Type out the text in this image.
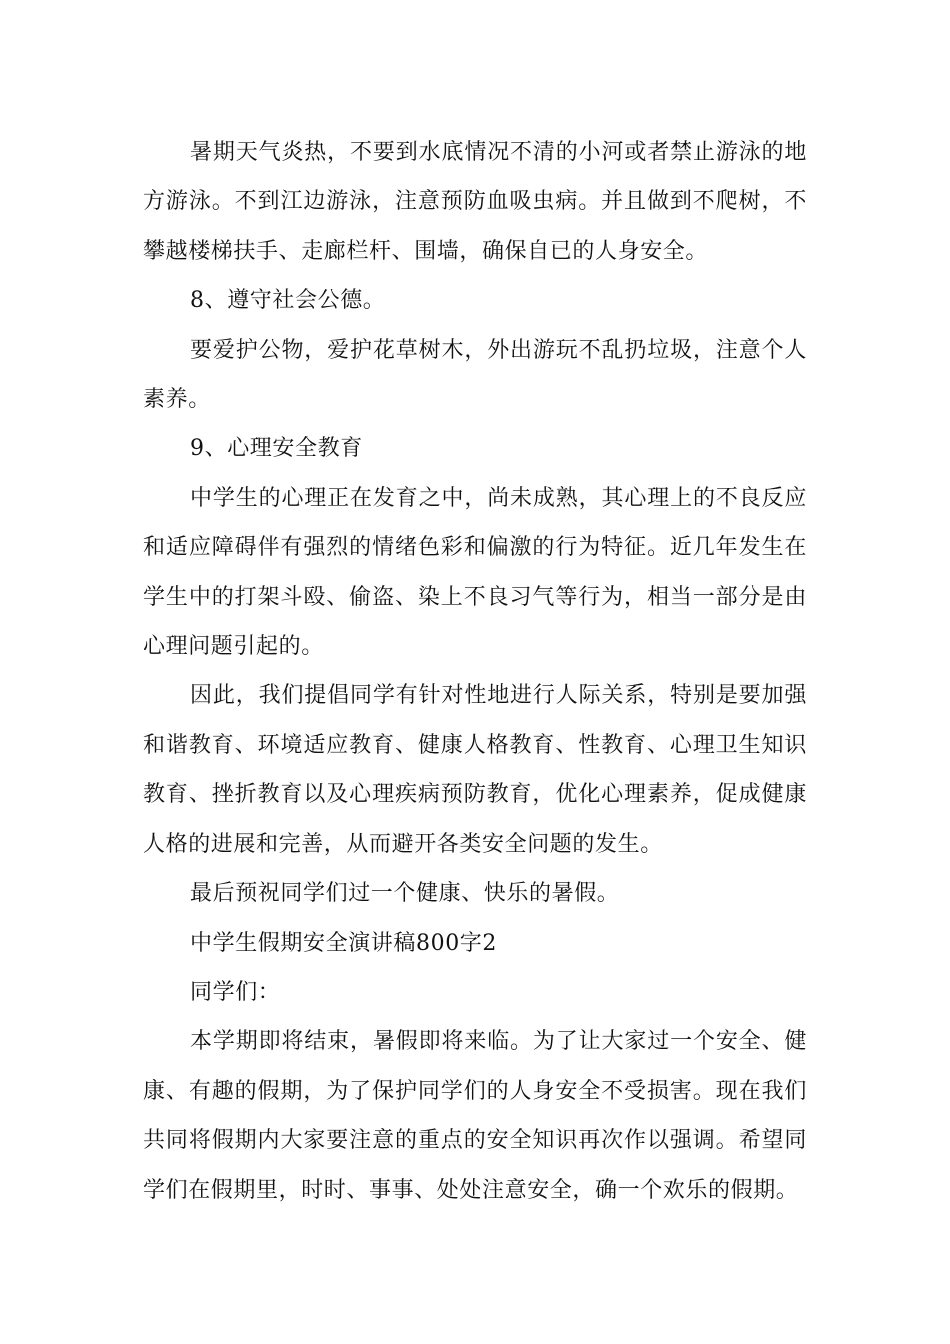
暑期天气炎热，不要到水底情况不清的小河或者禁止游泳的地方游泳。不到江边游泳，注意预防血吸虫病。并且做到不爬树，不攀越楼梯扶手、走廊栏杆、围墙，确保自已的人身安全。

8、遵守社会公德。

要爱护公物，爱护花草树木，外出游玩不乱扔垃圾，注意个人素养。

9、心理安全教育

中学生的心理正在发育之中，尚未成熟，其心理上的不良反应和适应障碍伴有强烈的情绪色彩和偏激的行为特征。近几年发生在学生中的打架斗殴、偷盗、染上不良习气等行为，相当一部分是由心理问题引起的。

因此，我们提倡同学有针对性地进行人际关系，特别是要加强和谐教育、环境适应教育、健康人格教育、性教育、心理卫生知识教育、挫折教育以及心理疾病预防教育，优化心理素养，促成健康人格的进展和完善，从而避开各类安全问题的发生。

最后预祝同学们过一个健康、快乐的暑假。

中学生假期安全演讲稿800字2

同学们：

本学期即将结束，暑假即将来临。为了让大家过一个安全、健康、有趣的假期，为了保护同学们的人身安全不受损害。现在我们共同将假期内大家要注意的重点的安全知识再次作以强调。希望同学们在假期里，时时、事事、处处注意安全，确一个欢乐的假期。
